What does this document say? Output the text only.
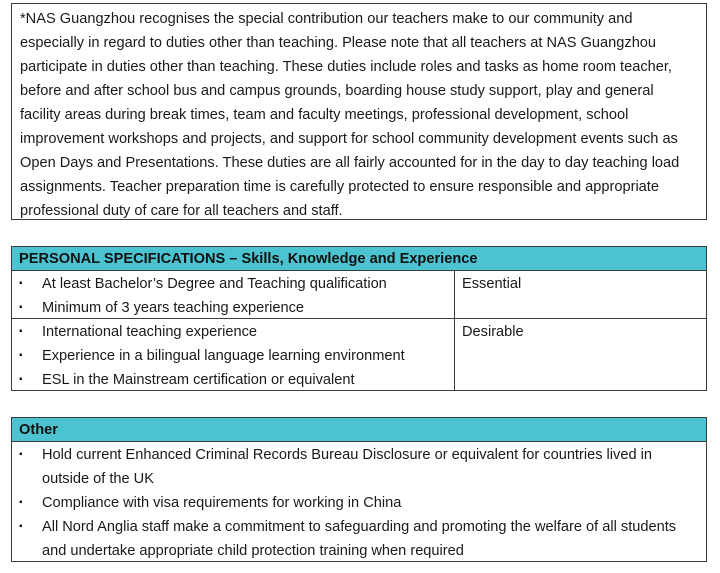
*NAS Guangzhou recognises the special contribution our teachers make to our community and especially in regard to duties other than teaching. Please note that all teachers at NAS Guangzhou participate in duties other than teaching. These duties include roles and tasks as home room teacher, before and after school bus and campus grounds, boarding house study support, play and general facility areas during break times, team and faculty meetings, professional development, school improvement workshops and projects, and support for school community development events such as Open Days and Presentations. These duties are all fairly accounted for in the day to day teaching load assignments. Teacher preparation time is carefully protected to ensure responsible and appropriate professional duty of care for all teachers and staff.
PERSONAL SPECIFICATIONS – Skills, Knowledge and Experience
▪ At least Bachelor’s Degree and Teaching qualification
▪ Minimum of 3 years teaching experience
Essential
▪ International teaching experience
▪ Experience in a bilingual language learning environment
▪ ESL in the Mainstream certification or equivalent
Desirable
Other
▪ Hold current Enhanced Criminal Records Bureau Disclosure or equivalent for countries lived in outside of the UK
▪ Compliance with visa requirements for working in China
▪ All Nord Anglia staff make a commitment to safeguarding and promoting the welfare of all students and undertake appropriate child protection training when required
